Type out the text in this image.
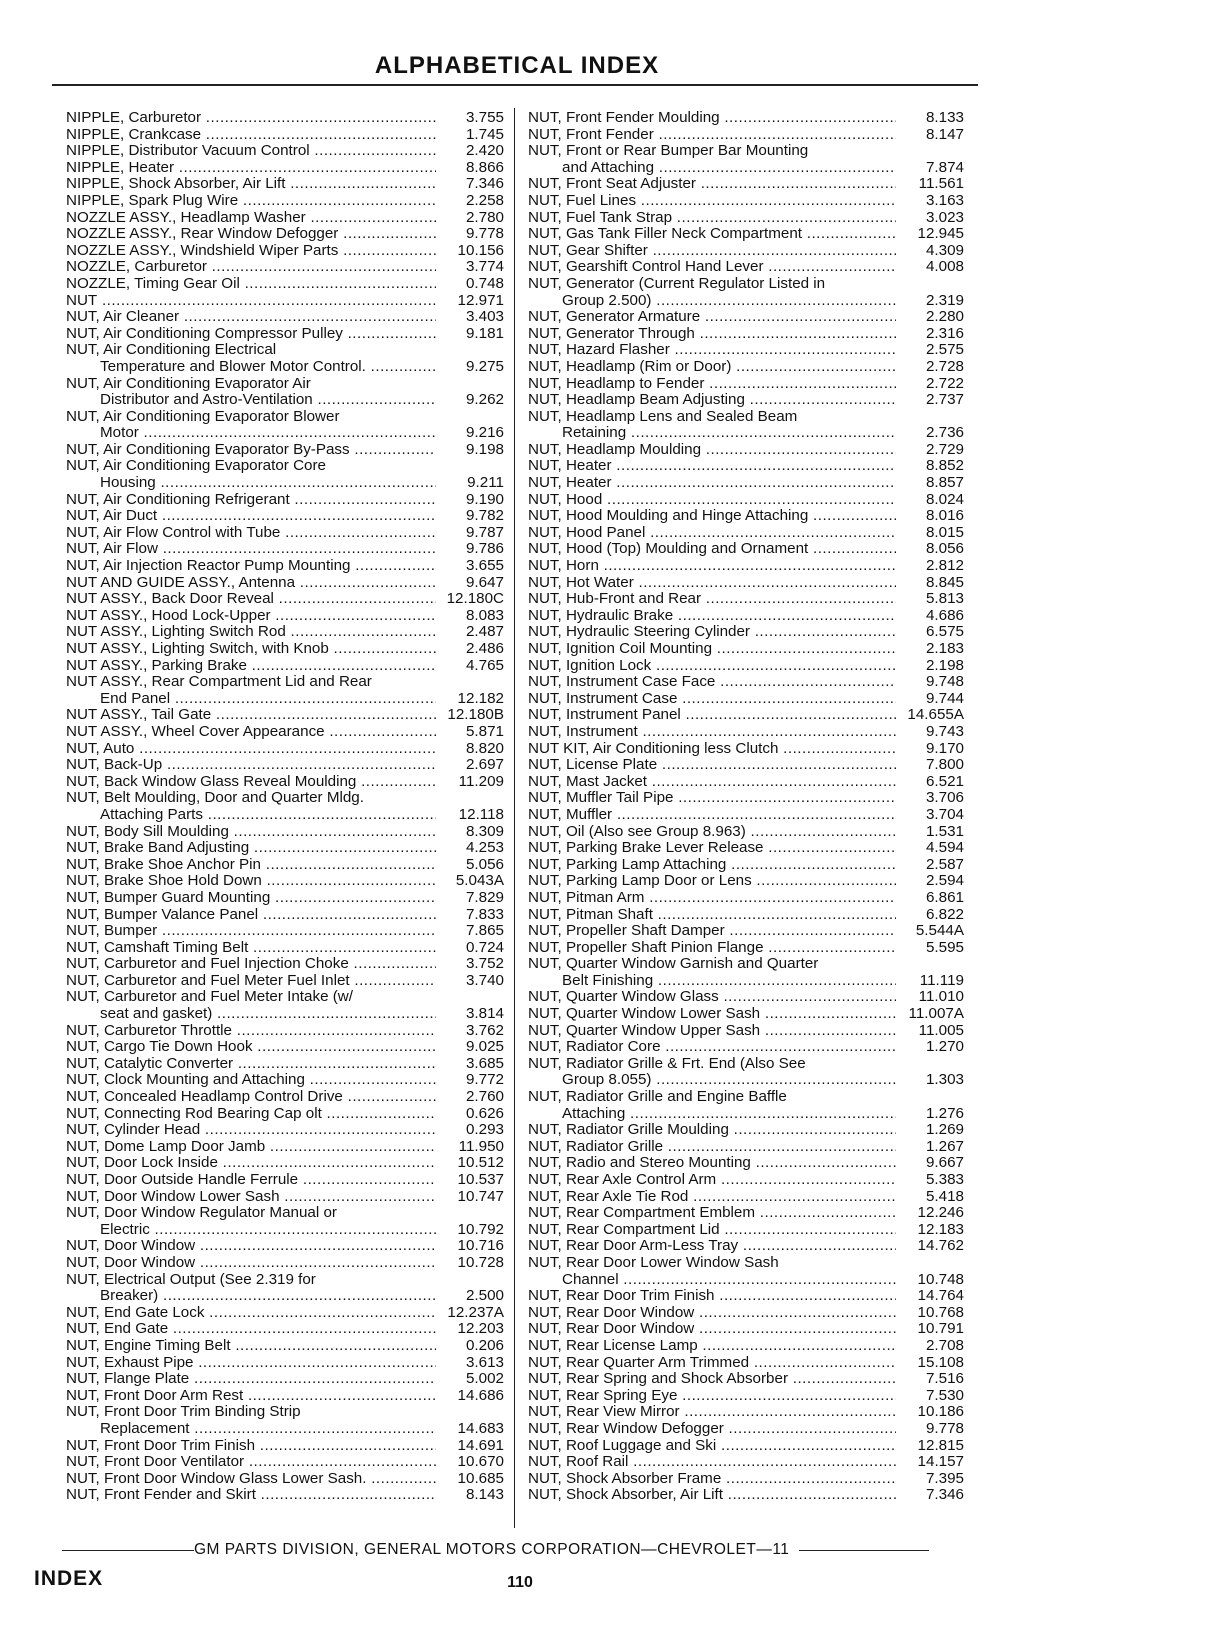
ALPHABETICAL INDEX
NIPPLE, Carburetor .....	3.755
NIPPLE, Crankcase .....	1.745
NIPPLE, Distributor Vacuum Control .....	2.420
NIPPLE, Heater .....	8.866
NIPPLE, Shock Absorber, Air Lift .....	7.346
NIPPLE, Spark Plug Wire .....	2.258
NOZZLE ASSY., Headlamp Washer .....	2.780
NOZZLE ASSY., Rear Window Defogger .....	9.778
NOZZLE ASSY., Windshield Wiper Parts .....	10.156
NOZZLE, Carburetor .....	3.774
NOZZLE, Timing Gear Oil .....	0.748
NUT .....	12.971
NUT, Air Cleaner .....	3.403
NUT, Air Conditioning Compressor Pulley .....	9.181
NUT, Air Conditioning Electrical
Temperature and Blower Motor Control. .....	9.275
NUT, Air Conditioning Evaporator Air
Distributor and Astro-Ventilation .....	9.262
NUT, Air Conditioning Evaporator Blower
Motor .....	9.216
NUT, Air Conditioning Evaporator By-Pass .....	9.198
NUT, Air Conditioning Evaporator Core
Housing .....	9.211
NUT, Air Conditioning Refrigerant .....	9.190
NUT, Air Duct .....	9.782
NUT, Air Flow Control with Tube .....	9.787
NUT, Air Flow .....	9.786
NUT, Air Injection Reactor Pump Mounting .....	3.655
NUT AND GUIDE ASSY., Antenna .....	9.647
NUT ASSY., Back Door Reveal .....	12.180C
NUT ASSY., Hood Lock-Upper .....	8.083
NUT ASSY., Lighting Switch Rod .....	2.487
NUT ASSY., Lighting Switch, with Knob .....	2.486
NUT ASSY., Parking Brake .....	4.765
NUT ASSY., Rear Compartment Lid and Rear
End Panel .....	12.182
NUT ASSY., Tail Gate .....	12.180B
NUT ASSY., Wheel Cover Appearance .....	5.871
NUT, Auto .....	8.820
NUT, Back-Up .....	2.697
NUT, Back Window Glass Reveal Moulding .....	11.209
NUT, Belt Moulding, Door and Quarter Mldg.
Attaching Parts .....	12.118
NUT, Body Sill Moulding .....	8.309
NUT, Brake Band Adjusting .....	4.253
NUT, Brake Shoe Anchor Pin .....	5.056
NUT, Brake Shoe Hold Down .....	5.043A
NUT, Bumper Guard Mounting .....	7.829
NUT, Bumper Valance Panel .....	7.833
NUT, Bumper .....	7.865
NUT, Camshaft Timing Belt .....	0.724
NUT, Carburetor and Fuel Injection Choke .....	3.752
NUT, Carburetor and Fuel Meter Fuel Inlet .....	3.740
NUT, Carburetor and Fuel Meter Intake (w/
seat and gasket) .....	3.814
NUT, Carburetor Throttle .....	3.762
NUT, Cargo Tie Down Hook .....	9.025
NUT, Catalytic Converter .....	3.685
NUT, Clock Mounting and Attaching .....	9.772
NUT, Concealed Headlamp Control Drive .....	2.760
NUT, Connecting Rod Bearing Cap olt .....	0.626
NUT, Cylinder Head .....	0.293
NUT, Dome Lamp Door Jamb .....	11.950
NUT, Door Lock Inside .....	10.512
NUT, Door Outside Handle Ferrule .....	10.537
NUT, Door Window Lower Sash .....	10.747
NUT, Door Window Regulator Manual or
Electric .....	10.792
NUT, Door Window .....	10.716
NUT, Door Window .....	10.728
NUT, Electrical Output (See 2.319 for
Breaker) .....	2.500
NUT, End Gate Lock .....	12.237A
NUT, End Gate .....	12.203
NUT, Engine Timing Belt .....	0.206
NUT, Exhaust Pipe .....	3.613
NUT, Flange Plate .....	5.002
NUT, Front Door Arm Rest .....	14.686
NUT, Front Door Trim Binding Strip
Replacement .....	14.683
NUT, Front Door Trim Finish .....	14.691
NUT, Front Door Ventilator .....	10.670
NUT, Front Door Window Glass Lower Sash. .....	10.685
NUT, Front Fender and Skirt .....	8.143
NUT, Front Fender Moulding .....	8.133
NUT, Front Fender .....	8.147
NUT, Front or Rear Bumper Bar Mounting
and Attaching .....	7.874
NUT, Front Seat Adjuster .....	11.561
NUT, Fuel Lines .....	3.163
NUT, Fuel Tank Strap .....	3.023
NUT, Gas Tank Filler Neck Compartment .....	12.945
NUT, Gear Shifter .....	4.309
NUT, Gearshift Control Hand Lever .....	4.008
NUT, Generator (Current Regulator Listed in
Group 2.500) .....	2.319
NUT, Generator Armature .....	2.280
NUT, Generator Through .....	2.316
NUT, Hazard Flasher .....	2.575
NUT, Headlamp (Rim or Door) .....	2.728
NUT, Headlamp to Fender .....	2.722
NUT, Headlamp Beam Adjusting .....	2.737
NUT, Headlamp Lens and Sealed Beam
Retaining .....	2.736
NUT, Headlamp Moulding .....	2.729
NUT, Heater .....	8.852
NUT, Heater .....	8.857
NUT, Hood .....	8.024
NUT, Hood Moulding and Hinge Attaching .....	8.016
NUT, Hood Panel .....	8.015
NUT, Hood (Top) Moulding and Ornament .....	8.056
NUT, Horn .....	2.812
NUT, Hot Water .....	8.845
NUT, Hub-Front and Rear .....	5.813
NUT, Hydraulic Brake .....	4.686
NUT, Hydraulic Steering Cylinder .....	6.575
NUT, Ignition Coil Mounting .....	2.183
NUT, Ignition Lock .....	2.198
NUT, Instrument Case Face .....	9.748
NUT, Instrument Case .....	9.744
NUT, Instrument Panel .....	14.655A
NUT, Instrument .....	9.743
NUT KIT, Air Conditioning less Clutch .....	9.170
NUT, License Plate .....	7.800
NUT, Mast Jacket .....	6.521
NUT, Muffler Tail Pipe .....	3.706
NUT, Muffler .....	3.704
NUT, Oil (Also see Group 8.963) .....	1.531
NUT, Parking Brake Lever Release .....	4.594
NUT, Parking Lamp Attaching .....	2.587
NUT, Parking Lamp Door or Lens .....	2.594
NUT, Pitman Arm .....	6.861
NUT, Pitman Shaft .....	6.822
NUT, Propeller Shaft Damper .....	5.544A
NUT, Propeller Shaft Pinion Flange .....	5.595
NUT, Quarter Window Garnish and Quarter
Belt Finishing .....	11.119
NUT, Quarter Window Glass .....	11.010
NUT, Quarter Window Lower Sash .....	11.007A
NUT, Quarter Window Upper Sash .....	11.005
NUT, Radiator Core .....	1.270
NUT, Radiator Grille & Frt. End (Also See
Group 8.055) .....	1.303
NUT, Radiator Grille and Engine Baffle
Attaching .....	1.276
NUT, Radiator Grille Moulding .....	1.269
NUT, Radiator Grille .....	1.267
NUT, Radio and Stereo Mounting .....	9.667
NUT, Rear Axle Control Arm .....	5.383
NUT, Rear Axle Tie Rod .....	5.418
NUT, Rear Compartment Emblem .....	12.246
NUT, Rear Compartment Lid .....	12.183
NUT, Rear Door Arm-Less Tray .....	14.762
NUT, Rear Door Lower Window Sash
Channel .....	10.748
NUT, Rear Door Trim Finish .....	14.764
NUT, Rear Door Window .....	10.768
NUT, Rear Door Window .....	10.791
NUT, Rear License Lamp .....	2.708
NUT, Rear Quarter Arm Trimmed .....	15.108
NUT, Rear Spring and Shock Absorber .....	7.516
NUT, Rear Spring Eye .....	7.530
NUT, Rear View Mirror .....	10.186
NUT, Rear Window Defogger .....	9.778
NUT, Roof Luggage and Ski .....	12.815
NUT, Roof Rail .....	14.157
NUT, Shock Absorber Frame .....	7.395
NUT, Shock Absorber, Air Lift .....	7.346
GM PARTS DIVISION, GENERAL MOTORS CORPORATION—CHEVROLET—11
INDEX	110
